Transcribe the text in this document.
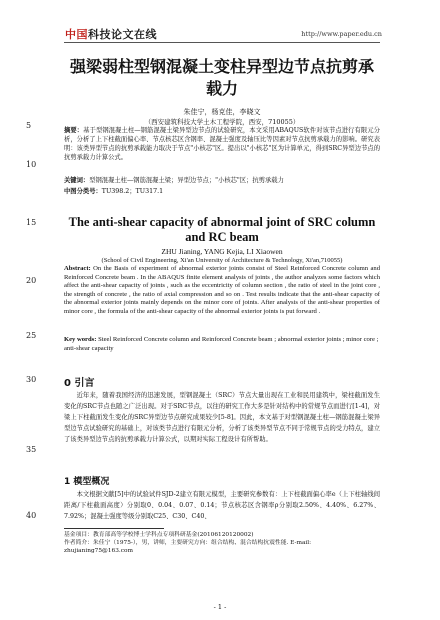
中国科技论文在线	http://www.paper.edu.cn
5
10
15
20
25
30
35
40
强梁弱柱型钢混凝土变柱异型边节点抗剪承载力
朱佳宁，杨克佳，李晓文
（西安建筑科技大学土木工程学院，西安，710055）
摘要：基于型钢混凝土柱—钢筋混凝土梁异型边节点的试验研究，本文采用ABAQUS软件对该节点进行有限元分析，分析了上下柱截面偏心率、节点核芯区含钢率、混凝土强度及轴压比等因素对节点抗剪承载力的影响。研究表明：该类异型节点的抗剪承载能力取决于节点"小核芯"区。提出以"小核芯"区为计算单元，得到SRC异型边节点的抗剪承载力计算公式。
关键词：型钢混凝土柱—钢筋混凝土梁；异型边节点；"小核芯"区；抗剪承载力
中图分类号：TU398.2；TU317.1
The anti-shear capacity of abnormal joint of SRC column and RC beam
ZHU Jianing, YANG Kejia, LI Xiaowen
(School of Civil Engineering, Xi'an University of Architecture & Technology, Xi'an,710055)
Abstract: On the Basis of experiment of abnormal exterior joints consist of Steel Reinforced Concrete column and Reinforced Concrete beam . In the ABAQUS finite element analysis of joints , the author analyzes some factors which affect the anti-shear capacity of joints , such as the eccentricity of column section , the ratio of steel in the joint core , the strength of concrete , the ratio of axial compression and so on . Test results indicate that the anti-shear capacity of the abnormal exterior joints mainly depends on the minor core of joints. After analysis of the anti-shear properties of minor core , the formula of the anti-shear capacity of the abnormal exterior joints is put forward .
Key words: Steel Reinforced Concrete column and Reinforced Concrete beam ; abnormal exterior joints ; minor core ; anti-shear capacity
0 引言
近年来，随着我国经济的迅速发展，型钢混凝土（SRC）节点大量出现在工业和民用建筑中，梁柱截面发生变化的SRC节点也随之广泛出现。对于SRC节点，以往的研究工作大多是针对结构中的常规节点而进行[1-4]，对梁上下柱截面发生变化的SRC异型边节点研究成果较少[5-8]。因此，本文基于对型钢混凝土柱—钢筋混凝土梁异型边节点试验研究的基础上，对该类节点进行有限元分析，分析了该类异型节点不同于常规节点的受力特点，建立了该类异型边节点的抗剪承载力计算公式，以期对实际工程设计有所帮助。
1 模型概况
本文根据文献[5]中的试验试件SJD-2建立有限元模型，主要研究参数有：上下柱截面偏心率e（上下柱轴线间距离/下柱截面高度）分别取0、0.04、0.07、0.14；节点核芯区含钢率ρ分别取2.50%、4.40%、6.27%、7.92%；混凝土强度等级分别取C25、C30、C40、
基金项目：教育部高等学校博士学科点专项科研基金(20106120120002)
作者简介：朱佳宁（1975-），男，讲师，主要研究方向：组合结构、混合结构抗震性能. E-mail: zhujianing75@163.com
- 1 -
